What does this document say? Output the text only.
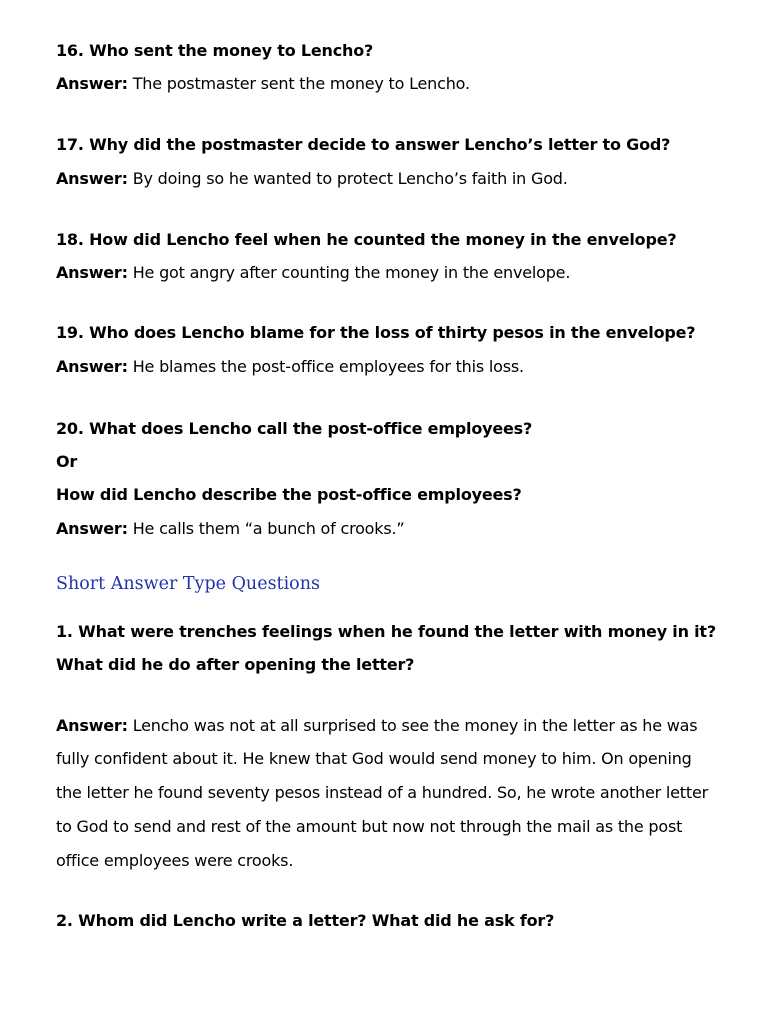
16. Who sent the money to Lencho?
Answer: The postmaster sent the money to Lencho.
17. Why did the postmaster decide to answer Lencho’s letter to God?
Answer: By doing so he wanted to protect Lencho’s faith in God.
18. How did Lencho feel when he counted the money in the envelope?
Answer: He got angry after counting the money in the envelope.
19. Who does Lencho blame for the loss of thirty pesos in the envelope?
Answer: He blames the post-office employees for this loss.
20. What does Lencho call the post-office employees?
Or
How did Lencho describe the post-office employees?
Answer: He calls them “a bunch of crooks.”
Short Answer Type Questions
1. What were trenches feelings when he found the letter with money in it?
What did he do after opening the letter?
Answer: Lencho was not at all surprised to see the money in the letter as he was
fully confident about it. He knew that God would send money to him. On opening
the letter he found seventy pesos instead of a hundred. So, he wrote another letter
to God to send and rest of the amount but now not through the mail as the post
office employees were crooks.
2. Whom did Lencho write a letter? What did he ask for?
